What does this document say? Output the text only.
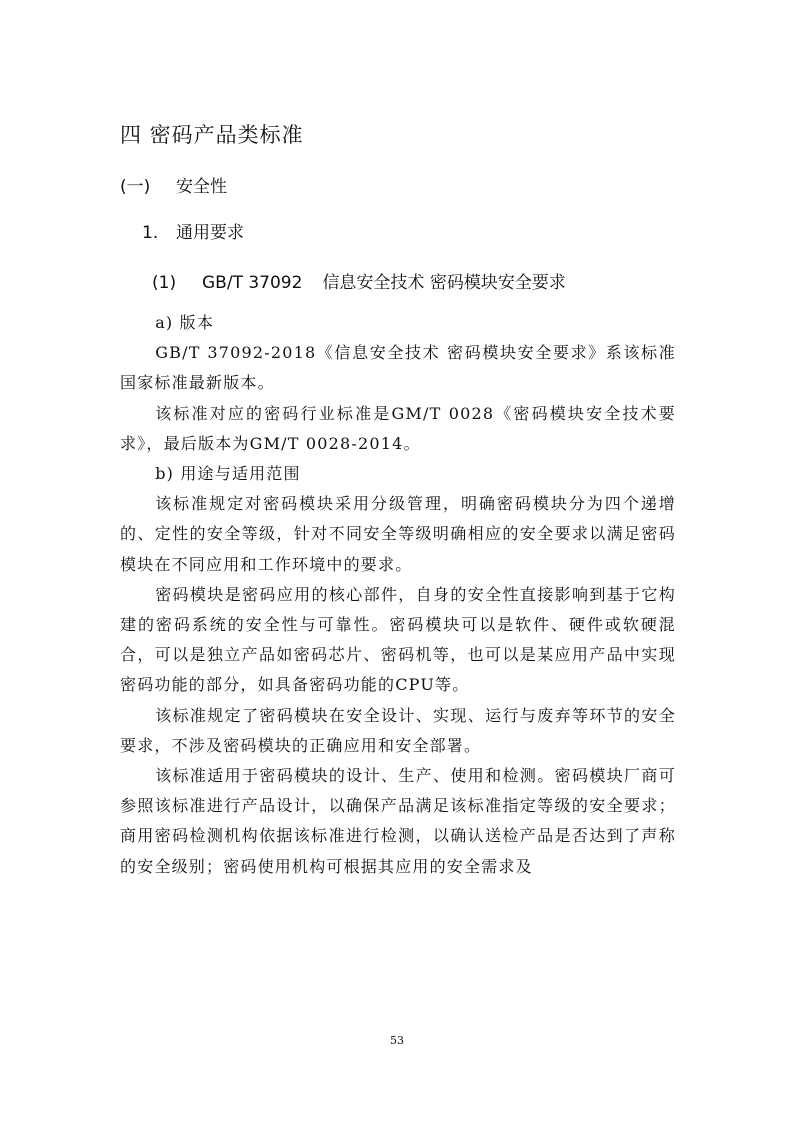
四 密码产品类标准
(一) 安全性
1. 通用要求
(1) GB/T 37092 信息安全技术 密码模块安全要求

a) 版本

GB/T 37092-2018《信息安全技术 密码模块安全要求》系该标准国家标准最新版本。

该标准对应的密码行业标准是GM/T 0028《密码模块安全技术要求》，最后版本为GM/T 0028-2014。

b) 用途与适用范围

该标准规定对密码模块采用分级管理，明确密码模块分为四个递增的、定性的安全等级，针对不同安全等级明确相应的安全要求以满足密码模块在不同应用和工作环境中的要求。

密码模块是密码应用的核心部件，自身的安全性直接影响到基于它构建的密码系统的安全性与可靠性。密码模块可以是软件、硬件或软硬混合，可以是独立产品如密码芯片、密码机等，也可以是某应用产品中实现密码功能的部分，如具备密码功能的CPU等。

该标准规定了密码模块在安全设计、实现、运行与废弃等环节的安全要求，不涉及密码模块的正确应用和安全部署。

该标准适用于密码模块的设计、生产、使用和检测。密码模块厂商可参照该标准进行产品设计，以确保产品满足该标准指定等级的安全要求；商用密码检测机构依据该标准进行检测，以确认送检产品是否达到了声称的安全级别；密码使用机构可根据其应用的安全需求及

53
